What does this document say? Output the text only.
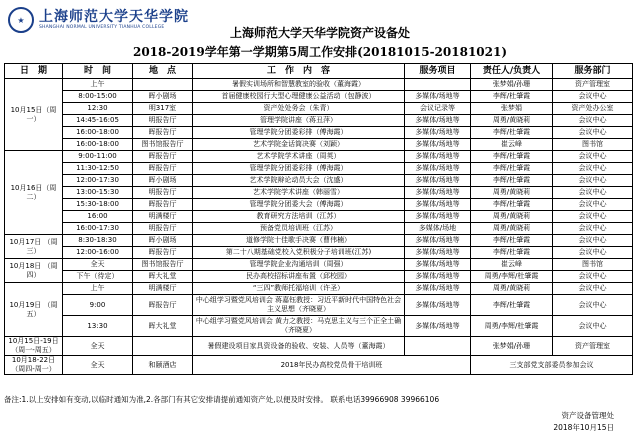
★	上海师范大学天华学院
SHANGHAI NORMAL UNIVERSITY TIANHUA COLLEGE	上海师范大学天华学院资产设备处
2018-2019学年第一学期第5周工作安排(20181015-20181021)
日　期	时　间	地　点	工　作　内　容	服务项目	责任人/负责人	服务部门
10月15日（周一）	上午		暑假实训场所和智慧教室的验收（董海霞）		张梦娟/孙珊	资产管理室
	8:00-15:00	晖小剧场	首届健康校园行大型心理健康公益活动（包静波）	多媒体/场地等	李辉/杜肇霞	会议中心
	12:30	明317室	资产处处务会（朱青）	会议记录等	张梦娟	资产处办公室
	14:45-16:05	明报告厅	管理学院讲座（蒋丑萍）	多媒体/场地等	周勇/黄晓莉	会议中心
	16:00-18:00	晖报告厅	管理学院分团委彩排（傅海霞）	多媒体/场地等	李辉/杜肇霞	会议中心
	16:00-18:00	图书馆报告厅	艺术学院金话筒决赛（刘颖）	多媒体/场地等	崔云峰	图书馆
10月16日（周二）	9:00-11:00	晖报告厅	艺术学院学术讲座（周英）	多媒体/场地等	李辉/杜肇霞	会议中心
	11:30-12:50	晖报告厅	管理学院分团委彩排（傅海霞）	多媒体/场地等	李辉/杜肇霞	会议中心
	12:00-17:30	晖小剧场	艺术学院辩论动员大会（沈盛）	多媒体/场地等	李辉/杜肇霞	会议中心
	13:00-15:30	明报告厅	艺术学院学术讲座（韩丽雪）	多媒体/场地等	周勇/黄晓莉	会议中心
	15:30-18:00	晖报告厅	管理学院分团委大会（傅海霞）	多媒体/场地等	李辉/杜肇霞	会议中心
	16:00	明满楼厅	教育研究方法培训（江苏）	多媒体/场地等	周勇/黄晓莉	会议中心
	16:00-17:30	明报告厅	预备党员培训班（江苏）	多媒体/场地	周勇/黄晓莉	会议中心
10月17日 （周三）	8:30-18:30	晖小剧场	道修学院十佳歌手决赛（曹伟楠）	多媒体/场地等	李辉/杜肇霞	会议中心
	12:00-16:00	晖报告厅	第二十八期基础党校入党积极分子培训班(江苏)	多媒体/场地等	李辉/杜肇霞	会议中心
10月18日 （周四）	全天	图书馆报告厅	管理学院企业沟通培训（周强）	多媒体/场地等	崔云峰	图书馆
	下午（待定）	晖大礼堂	民办高校招标讲座布置（邱校园）	多媒体/场地等	周勇/李辉/杜肇霞	会议中心
10月19日 （周五）	上午	明满楼厅	“三四”教师托福培训（许圣）	多媒体/场地等	周勇/黄晓莉	会议中心
	9:00	晖报告厅	中心组学习暨党风培训会 蒋嘉钰教授：习近平新时代中国特色社会主义思想（齐晓夏）	多媒体/场地等	李辉/杜肇霞	会议中心
	13:30	晖大礼堂	中心组学习暨党风培训会 黄力之教授：马克思主义与三个正全土确（齐晓夏）	多媒体/场地等	周勇/李辉/杜肇霞	会议中心
10月15日-19日（周一-周五）	全天		暑假建设项目家具资设备的验收、安装、人员等（董海霞）		张梦娟/孙珊	资产管理室
10月18-22日（周四-周一）	全天	和颐酒店	2018年民办高校党员骨干培训班		三支部党支部委员参加会议	
备注:1.以上安排如有变动,以临时通知为准,2.各部门有其它安排请提前通知资产处,以便及时安排。 联系电话39966908 39966106
资产设备管理处
2018年10月15日
